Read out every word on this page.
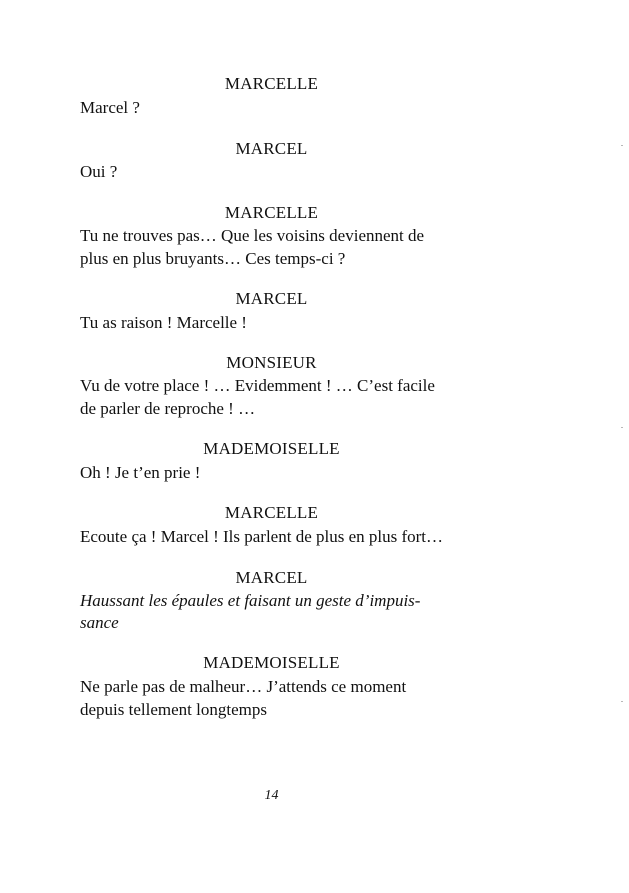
MARCELLE
Marcel ?
MARCEL
Oui ?
MARCELLE
Tu ne trouves pas… Que les voisins deviennent de
plus en plus bruyants… Ces temps-ci ?
MARCEL
Tu as raison ! Marcelle !
MONSIEUR
Vu de votre place ! … Evidemment ! … C’est facile
de parler de reproche ! …
MADEMOISELLE
Oh ! Je t’en prie !
MARCELLE
Ecoute ça ! Marcel ! Ils parlent de plus en plus fort…
MARCEL
Haussant les épaules et faisant un geste d’impuis-
sance
MADEMOISELLE
Ne parle pas de malheur… J’attends ce moment
depuis tellement longtemps
14
